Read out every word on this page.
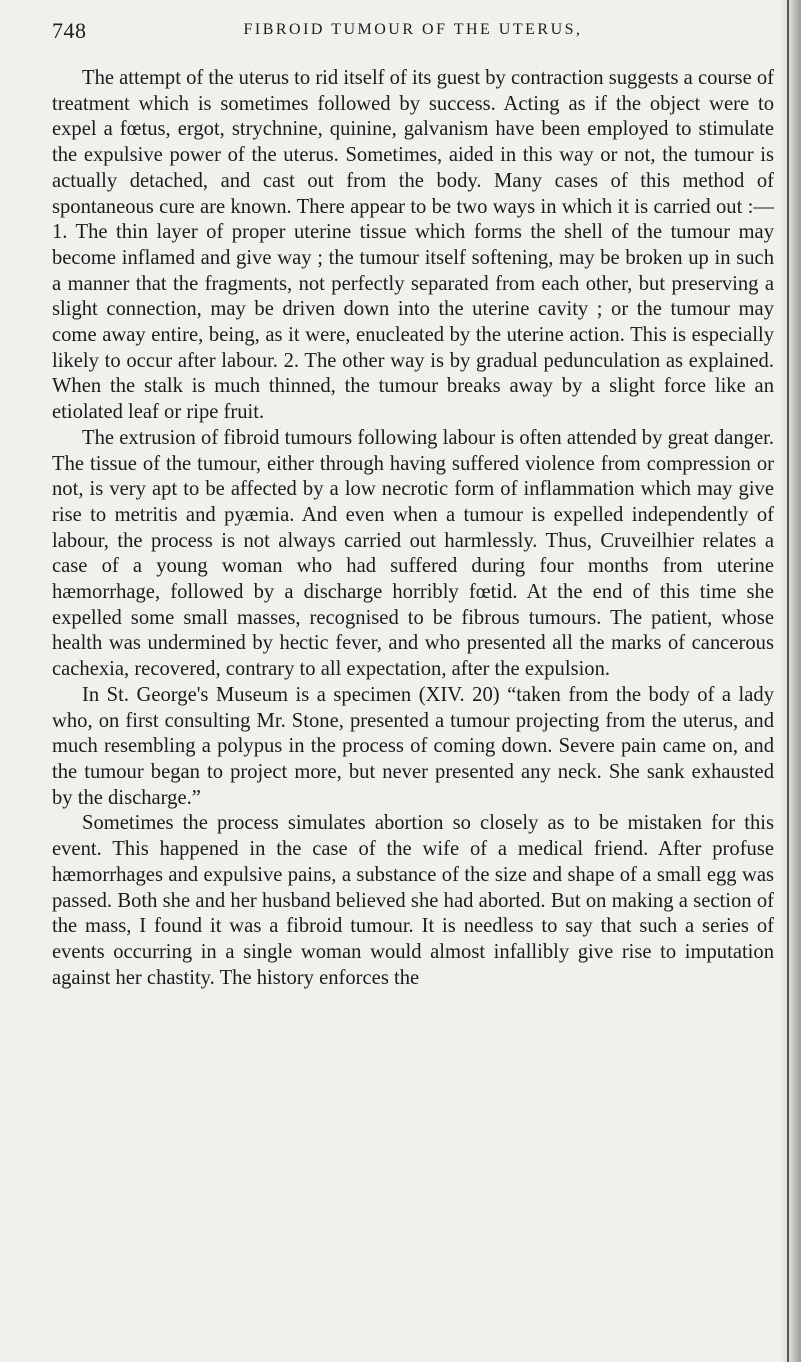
748	FIBROID TUMOUR OF THE UTERUS,

The attempt of the uterus to rid itself of its guest by contraction suggests a course of treatment which is sometimes followed by success. Acting as if the object were to expel a fœtus, ergot, strychnine, quinine, galvanism have been employed to stimulate the expulsive power of the uterus. Sometimes, aided in this way or not, the tumour is actually detached, and cast out from the body. Many cases of this method of spontaneous cure are known. There appear to be two ways in which it is carried out :—1. The thin layer of proper uterine tissue which forms the shell of the tumour may become inflamed and give way ; the tumour itself softening, may be broken up in such a manner that the fragments, not perfectly separated from each other, but preserving a slight connection, may be driven down into the uterine cavity ; or the tumour may come away entire, being, as it were, enucleated by the uterine action. This is especially likely to occur after labour. 2. The other way is by gradual pedunculation as explained. When the stalk is much thinned, the tumour breaks away by a slight force like an etiolated leaf or ripe fruit.

The extrusion of fibroid tumours following labour is often attended by great danger. The tissue of the tumour, either through having suffered violence from compression or not, is very apt to be affected by a low necrotic form of inflammation which may give rise to metritis and pyæmia. And even when a tumour is expelled independently of labour, the process is not always carried out harmlessly. Thus, Cruveilhier relates a case of a young woman who had suffered during four months from uterine hæmorrhage, followed by a discharge horribly fœtid. At the end of this time she expelled some small masses, recognised to be fibrous tumours. The patient, whose health was undermined by hectic fever, and who presented all the marks of cancerous cachexia, recovered, contrary to all expectation, after the expulsion.

In St. George's Museum is a specimen (XIV. 20) “taken from the body of a lady who, on first consulting Mr. Stone, presented a tumour projecting from the uterus, and much resembling a polypus in the process of coming down. Severe pain came on, and the tumour began to project more, but never presented any neck. She sank exhausted by the discharge.”

Sometimes the process simulates abortion so closely as to be mistaken for this event. This happened in the case of the wife of a medical friend. After profuse hæmorrhages and expulsive pains, a substance of the size and shape of a small egg was passed. Both she and her husband believed she had aborted. But on making a section of the mass, I found it was a fibroid tumour. It is needless to say that such a series of events occurring in a single woman would almost infallibly give rise to imputation against her chastity. The history enforces the
